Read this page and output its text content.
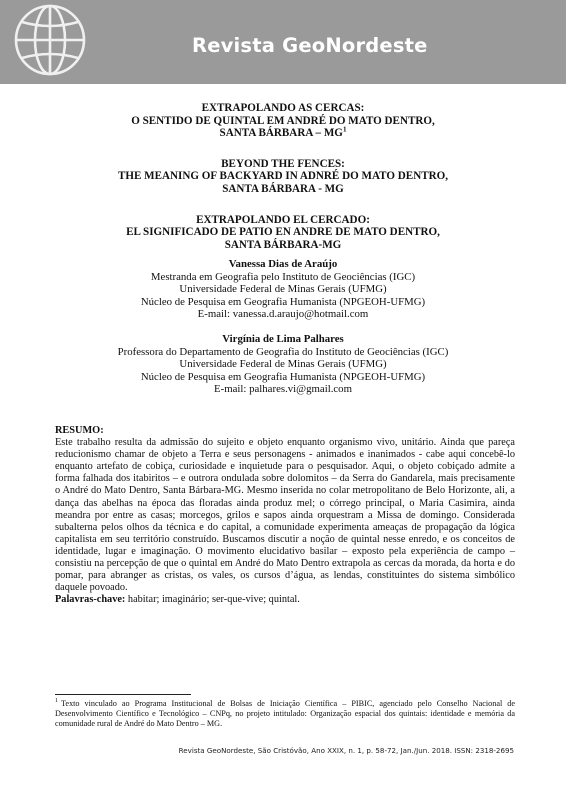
Revista GeoNordeste
EXTRAPOLANDO AS CERCAS:
O SENTIDO DE QUINTAL EM ANDRÉ DO MATO DENTRO,
SANTA BÁRBARA – $MG^1$
BEYOND THE FENCES:
THE MEANING OF BACKYARD IN ADNRÉ DO MATO DENTRO,
SANTA BÁRBARA - MG
EXTRAPOLANDO EL CERCADO:
EL SIGNIFICADO DE PATIO EN ANDRE DE MATO DENTRO,
SANTA BÁRBARA-MG
Vanessa Dias de Araújo
Mestranda em Geografia pelo Instituto de Geociências (IGC)
Universidade Federal de Minas Gerais (UFMG)
Núcleo de Pesquisa em Geografia Humanista (NPGEOH-UFMG)
E-mail: vanessa.d.araujo@hotmail.com
Virgínia de Lima Palhares
Professora do Departamento de Geografia do Instituto de Geociências (IGC)
Universidade Federal de Minas Gerais (UFMG)
Núcleo de Pesquisa em Geografia Humanista (NPGEOH-UFMG)
E-mail: palhares.vi@gmail.com
RESUMO:
Este trabalho resulta da admissão do sujeito e objeto enquanto organismo vivo, unitário. Ainda que pareça reducionismo chamar de objeto a Terra e seus personagens - animados e inanimados - cabe aqui concebê-lo enquanto artefato de cobiça, curiosidade e inquietude para o pesquisador. Aqui, o objeto cobiçado admite a forma falhada dos itabiritos – e outrora ondulada sobre dolomitos – da Serra do Gandarela, mais precisamente o André do Mato Dentro, Santa Bárbara-MG. Mesmo inserida no colar metropolitano de Belo Horizonte, ali, a dança das abelhas na época das floradas ainda produz mel; o córrego principal, o Maria Casimira, ainda meandra por entre as casas; morcegos, grilos e sapos ainda orquestram a Missa de domingo. Considerada subalterna pelos olhos da técnica e do capital, a comunidade experimenta ameaças de propagação da lógica capitalista em seu território construído. Buscamos discutir a noção de quintal nesse enredo, e os conceitos de identidade, lugar e imaginação. O movimento elucidativo basilar – exposto pela experiência de campo – consistiu na percepção de que o quintal em André do Mato Dentro extrapola as cercas da morada, da horta e do pomar, para abranger as cristas, os vales, os cursos d’água, as lendas, constituintes do sistema simbólico daquele povoado.
Palavras-chave: habitar; imaginário; ser-que-vive; quintal.
$^1$ Texto vinculado ao Programa Institucional de Bolsas de Iniciação Científica – PIBIC, agenciado pelo Conselho Nacional de Desenvolvimento Científico e Tecnológico – CNPq, no projeto intitulado: Organização espacial dos quintais: identidade e memória da comunidade rural de André do Mato Dentro – MG.
Revista GeoNordeste, São Cristóvão, Ano XXIX, n. 1, p. 58-72, Jan./Jun. 2018. ISSN: 2318-2695
